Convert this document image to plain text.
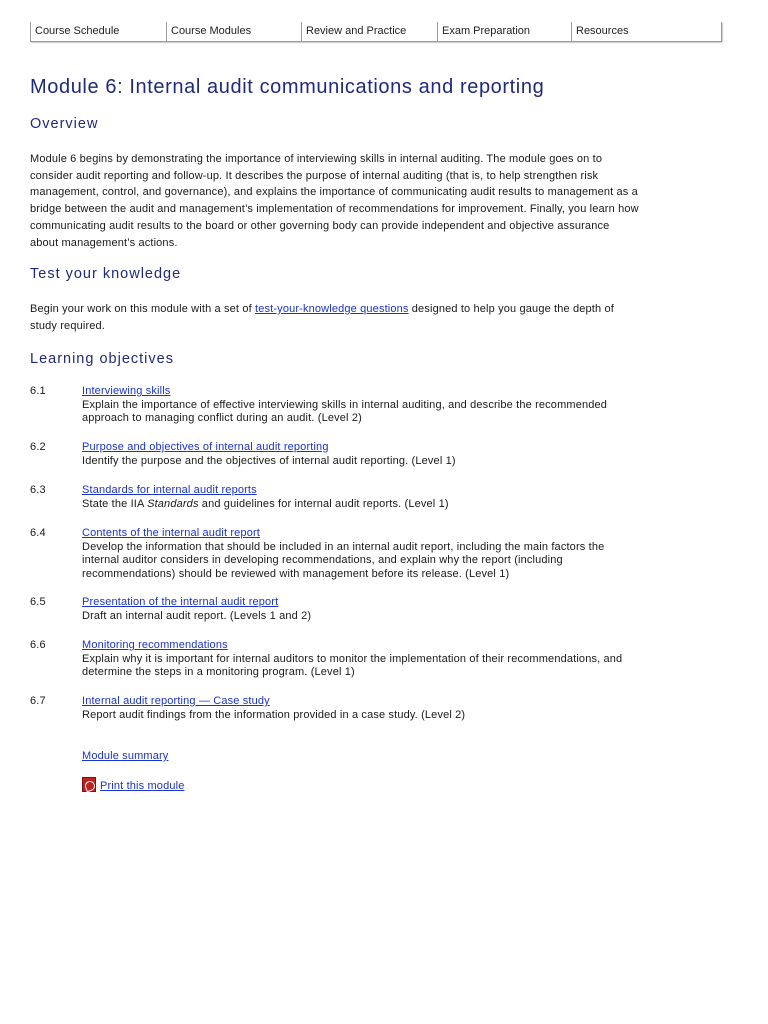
Course Schedule	Course Modules	Review and Practice	Exam Preparation	Resources
Module 6: Internal audit communications and reporting
Overview

Module 6 begins by demonstrating the importance of interviewing skills in internal auditing. The module goes on to consider audit reporting and follow-up. It describes the purpose of internal auditing (that is, to help strengthen risk management, control, and governance), and explains the importance of communicating audit results to management as a bridge between the audit and management’s implementation of recommendations for improvement. Finally, you learn how communicating audit results to the board or other governing body can provide independent and objective assurance about management’s actions.

Test your knowledge

Begin your work on this module with a set of test-your-knowledge questions designed to help you gauge the depth of study required.

Learning objectives
6.1	Interviewing skills
Explain the importance of effective interviewing skills in internal auditing, and describe the recommended approach to managing conflict during an audit. (Level 2)
6.2	Purpose and objectives of internal audit reporting
Identify the purpose and the objectives of internal audit reporting. (Level 1)
6.3	Standards for internal audit reports
State the IIA Standards and guidelines for internal audit reports. (Level 1)
6.4	Contents of the internal audit report
Develop the information that should be included in an internal audit report, including the main factors the internal auditor considers in developing recommendations, and explain why the report (including recommendations) should be reviewed with management before its release. (Level 1)
6.5	Presentation of the internal audit report
Draft an internal audit report. (Levels 1 and 2)
6.6	Monitoring recommendations
Explain why it is important for internal auditors to monitor the implementation of their recommendations, and determine the steps in a monitoring program. (Level 1)
6.7	Internal audit reporting — Case study
Report audit findings from the information provided in a case study. (Level 2)
Module summary
Print this module
